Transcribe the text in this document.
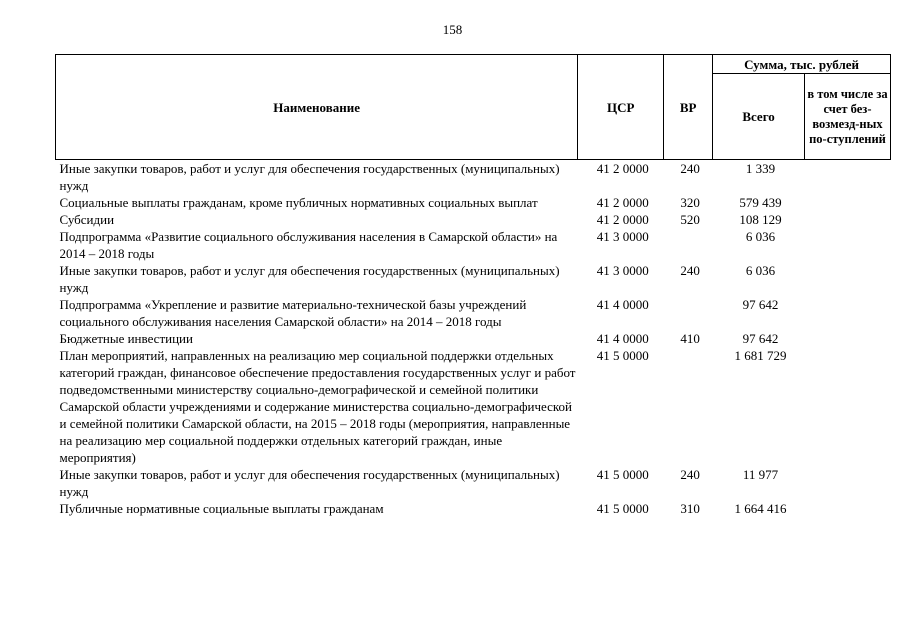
158
Наименование	ЦСР	ВР	Сумма, тыс. рублей	
			Всего	в том числе за счет без-возмезд-ных по-ступлений
Иные закупки товаров, работ и услуг для обеспечения государственных (муниципальных) нужд	41 2 0000	240	1 339	
Социальные выплаты гражданам, кроме публичных нормативных социальных выплат	41 2 0000	320	579 439	
Субсидии	41 2 0000	520	108 129	
Подпрограмма «Развитие социального обслуживания населения в Самарской области» на 2014 – 2018 годы	41 3 0000		6 036	
Иные закупки товаров, работ и услуг для обеспечения государственных (муниципальных) нужд	41 3 0000	240	6 036	
Подпрограмма «Укрепление и развитие материально-технической базы учреждений социального обслуживания населения Самарской области» на 2014 – 2018 годы	41 4 0000		97 642	
Бюджетные инвестиции	41 4 0000	410	97 642	
План мероприятий, направленных на реализацию мер социальной поддержки отдельных категорий граждан, финансовое обеспечение предоставления государственных услуг и работ подведомственными министерству социально-демографической и семейной политики Самарской области учреждениями и содержание министерства социально-демографической и семейной политики Самарской области, на 2015 – 2018 годы (мероприятия, направленные на реализацию мер социальной поддержки отдельных категорий граждан, иные мероприятия)	41 5 0000		1 681 729	
Иные закупки товаров, работ и услуг для обеспечения государственных (муниципальных) нужд	41 5 0000	240	11 977	
Публичные нормативные социальные выплаты гражданам	41 5 0000	310	1 664 416	
